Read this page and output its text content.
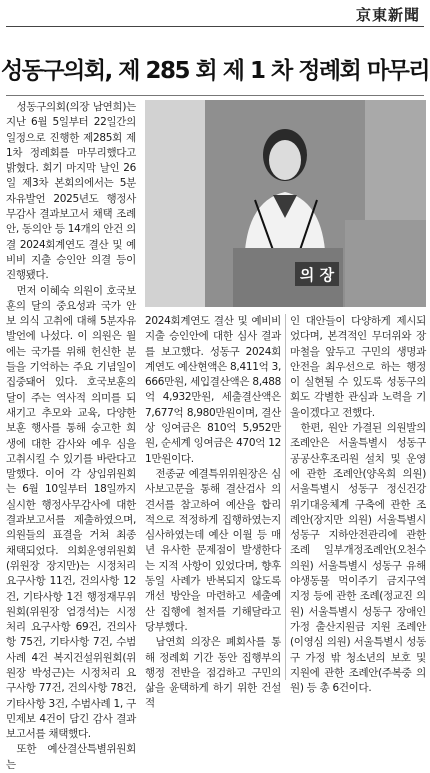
京東新聞
성동구의회, 제 285 회 제 1 차 정례회 마무리

성동구의회(의장 남연희)는 지난 6월 5일부터 22일간의 일정으로 진행한 제285회 제1차 정례회를 마무리했다고 밝혔다. 회기 마지막 날인 26일 제3차 본회의에서는 5분자유발언 2025년도 행정사무감사 결과보고서 채택 조례안, 동의안 등 14개의 안건 의결 2024회계연도 결산 및 예비비 지출 승인안 의결 등이 진행됐다.

먼저 이혜숙 의원이 호국보훈의 달의 중요성과 국가 안보 의식 고취에 대해 5분자유발언에 나섰다. 이 의원은 월에는 국가를 위해 헌신한 분들을 기억하는 주요 기념일이 집중돼어 있다. 호국보훈의 달이 주는 역사적 의미를 되새기고 추모와 교육, 다양한 보훈 행사를 통해 숭고한 희생에 대한 감사와 예우 심을 고취시킬 수 있기를 바란다고 말했다. 이어 각 상임위원회는 6월 10일부터 18일까지 실시한 행정사무감사에 대한 결과보고서를 제출하였으며, 의원들의 표결을 거쳐 최종 채택되었다. 의회운영위원회(위원장 장지만)는 시정처리 요구사항 11건, 건의사항 12건, 기타사항 1건 행정재무위원회(위원장 엄경석)는 시정처리 요구사항 69건, 건의사항 75건, 기타사항 7건, 수범사례 4건 복지건설위원회(위원장 박성근)는 시정처리 요구사항 77건, 건의사항 78건, 기타사항 3건, 수범사례 1, 구민제보 4건이 담긴 감사 결과보고서를 채택했다.

또한 예산결산특별위원회는

의 장

2024회계연도 결산 및 예비비 지출 승인안에 대한 심사 결과를 보고했다. 성동구 2024회계연도 예산현액은 8,411억 3,666만원, 세입결산액은 8,488억 4,932만원, 세출결산액은 7,677억 8,980만원이며, 결산상 잉여금은 810억 5,952만원, 순세계 잉여금은 470억 121만원이다.

전종균 예결특위위원장은 심사보고문을 통해 결산검사 의견서를 참고하여 예산을 합리적으로 적정하게 집행하였는지 심사하였는데 예산 이월 등 매년 유사한 문제점이 발생한다는 지적 사항이 있었다며, 향후 동일 사례가 반복되지 않도록 개선 방안을 마련하고 세출예산 집행에 철저를 기해달라고 당부했다.

남연희 의장은 폐회사를 통해 정례회 기간 동안 집행부의 행정 전반을 점검하고 구민의 삶을 윤택하게 하기 위한 건설적

인 대안들이 다양하게 제시되었다며, 본격적인 무더위와 장마철을 앞두고 구민의 생명과 안전을 최우선으로 하는 행정이 실현될 수 있도록 성동구의 회도 각별한 관심과 노력을 기울이겠다고 전했다.

한편, 원안 가결된 의원발의 조례안은 서울특별시 성동구 공공산후조리원 설치 및 운영에 관한 조례안(양옥희 의원) 서울특별시 성동구 정신건강 위기대응체계 구축에 관한 조례안(장지만 의원) 서울특별시 성동구 지하안전관리에 관한 조례 일부개정조례안(오천수 의원) 서울특별시 성동구 유해야생동물 먹이주기 금지구역 지정 등에 관한 조례(정교진 의원) 서울특별시 성동구 장애인가정 출산지원금 지원 조례안(이영심 의원) 서울특별시 성동구 가정 밖 청소년의 보호 및 지원에 관한 조례안(주복중 의원) 등 총 6건이다.
